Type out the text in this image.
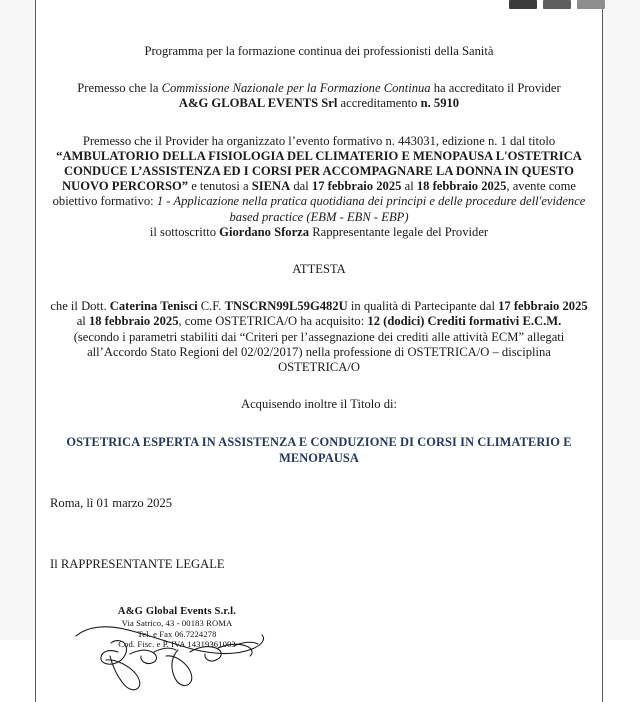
Programma per la formazione continua dei professionisti della Sanità

Premesso che la Commissione Nazionale per la Formazione Continua ha accreditato il Provider
A&G GLOBAL EVENTS Srl accreditamento n. 5910

Premesso che il Provider ha organizzato l’evento formativo n. 443031, edizione n. 1 dal titolo
“AMBULATORIO DELLA FISIOLOGIA DEL CLIMATERIO E MENOPAUSA L'OSTETRICA CONDUCE L’ASSISTENZA ED I CORSI PER ACCOMPAGNARE LA DONNA IN QUESTO NUOVO PERCORSO” e tenutosi a SIENA dal 17 febbraio 2025 al 18 febbraio 2025, avente come obiettivo formativo: 1 - Applicazione nella pratica quotidiana dei principi e delle procedure dell'evidence based practice (EBM - EBN - EBP)

il sottoscritto Giordano Sforza Rappresentante legale del Provider

ATTESTA

che il Dott. Caterina Tenisci C.F. TNSCRN99L59G482U in qualità di Partecipante dal 17 febbraio 2025 al 18 febbraio 2025, come OSTETRICA/O ha acquisito: 12 (dodici) Crediti formativi E.C.M.
(secondo i parametri stabiliti dai “Criteri per l’assegnazione dei crediti alle attività ECM” allegati all’Accordo Stato Regioni del 02/02/2017) nella professione di OSTETRICA/O – disciplina OSTETRICA/O

Acquisendo inoltre il Titolo di:

OSTETRICA ESPERTA IN ASSISTENZA E CONDUZIONE DI CORSI IN CLIMATERIO E MENOPAUSA

Roma, lì 01 marzo 2025

Il RAPPRESENTANTE LEGALE

A&G Global Events S.r.l.

Via Satrico, 43 - 00183 ROMA

Tel. e Fax 06.7224278

Cod. Fisc. e P. IVA 14319361003
